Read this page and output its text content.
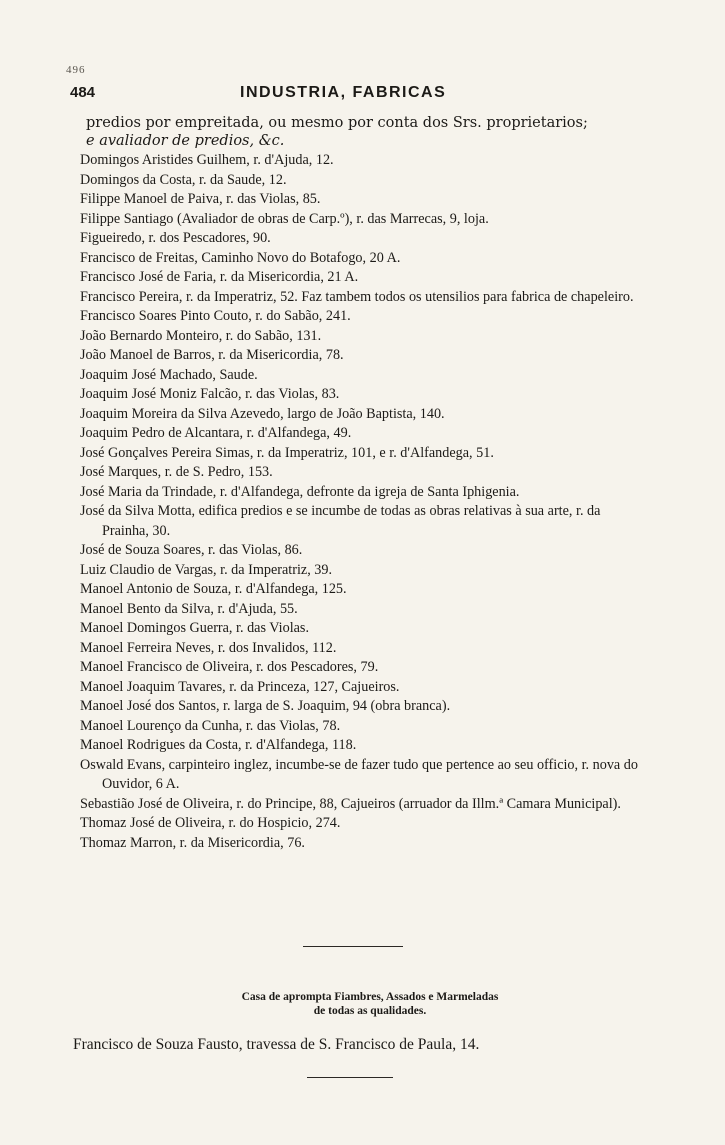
496
484	INDUSTRIA, FABRICAS
predios por empreitada, ou mesmo por conta dos Srs. proprietarios;
e avaliador de predios, &c.

Domingos Aristides Guilhem, r. d'Ajuda, 12.

Domingos da Costa, r. da Saude, 12.

Filippe Manoel de Paiva, r. das Violas, 85.

Filippe Santiago (Avaliador de obras de Carp.º), r. das Marrecas, 9, loja.

Figueiredo, r. dos Pescadores, 90.

Francisco de Freitas, Caminho Novo do Botafogo, 20 A.

Francisco José de Faria, r. da Misericordia, 21 A.

Francisco Pereira, r. da Imperatriz, 52. Faz tambem todos os utensilios para fabrica de chapeleiro.

Francisco Soares Pinto Couto, r. do Sabão, 241.

João Bernardo Monteiro, r. do Sabão, 131.

João Manoel de Barros, r. da Misericordia, 78.

Joaquim José Machado, Saude.

Joaquim José Moniz Falcão, r. das Violas, 83.

Joaquim Moreira da Silva Azevedo, largo de João Baptista, 140.

Joaquim Pedro de Alcantara, r. d'Alfandega, 49.

José Gonçalves Pereira Simas, r. da Imperatriz, 101, e r. d'Alfandega, 51.

José Marques, r. de S. Pedro, 153.

José Maria da Trindade, r. d'Alfandega, defronte da igreja de Santa Iphigenia.

José da Silva Motta, edifica predios e se incumbe de todas as obras relativas à sua arte, r. da Prainha, 30.

José de Souza Soares, r. das Violas, 86.

Luiz Claudio de Vargas, r. da Imperatriz, 39.

Manoel Antonio de Souza, r. d'Alfandega, 125.

Manoel Bento da Silva, r. d'Ajuda, 55.

Manoel Domingos Guerra, r. das Violas.

Manoel Ferreira Neves, r. dos Invalidos, 112.

Manoel Francisco de Oliveira, r. dos Pescadores, 79.

Manoel Joaquim Tavares, r. da Princeza, 127, Cajueiros.

Manoel José dos Santos, r. larga de S. Joaquim, 94 (obra branca).

Manoel Lourenço da Cunha, r. das Violas, 78.

Manoel Rodrigues da Costa, r. d'Alfandega, 118.

Oswald Evans, carpinteiro inglez, incumbe-se de fazer tudo que pertence ao seu officio, r. nova do Ouvidor, 6 A.

Sebastião José de Oliveira, r. do Principe, 88, Cajueiros (arruador da Illm.ª Camara Municipal).

Thomaz José de Oliveira, r. do Hospicio, 274.

Thomaz Marron, r. da Misericordia, 76.

Casa de aprompta Fiambres, Assados e Marmeladas
de todas as qualidades.
Francisco de Souza Fausto, travessa de S. Francisco de Paula, 14.
